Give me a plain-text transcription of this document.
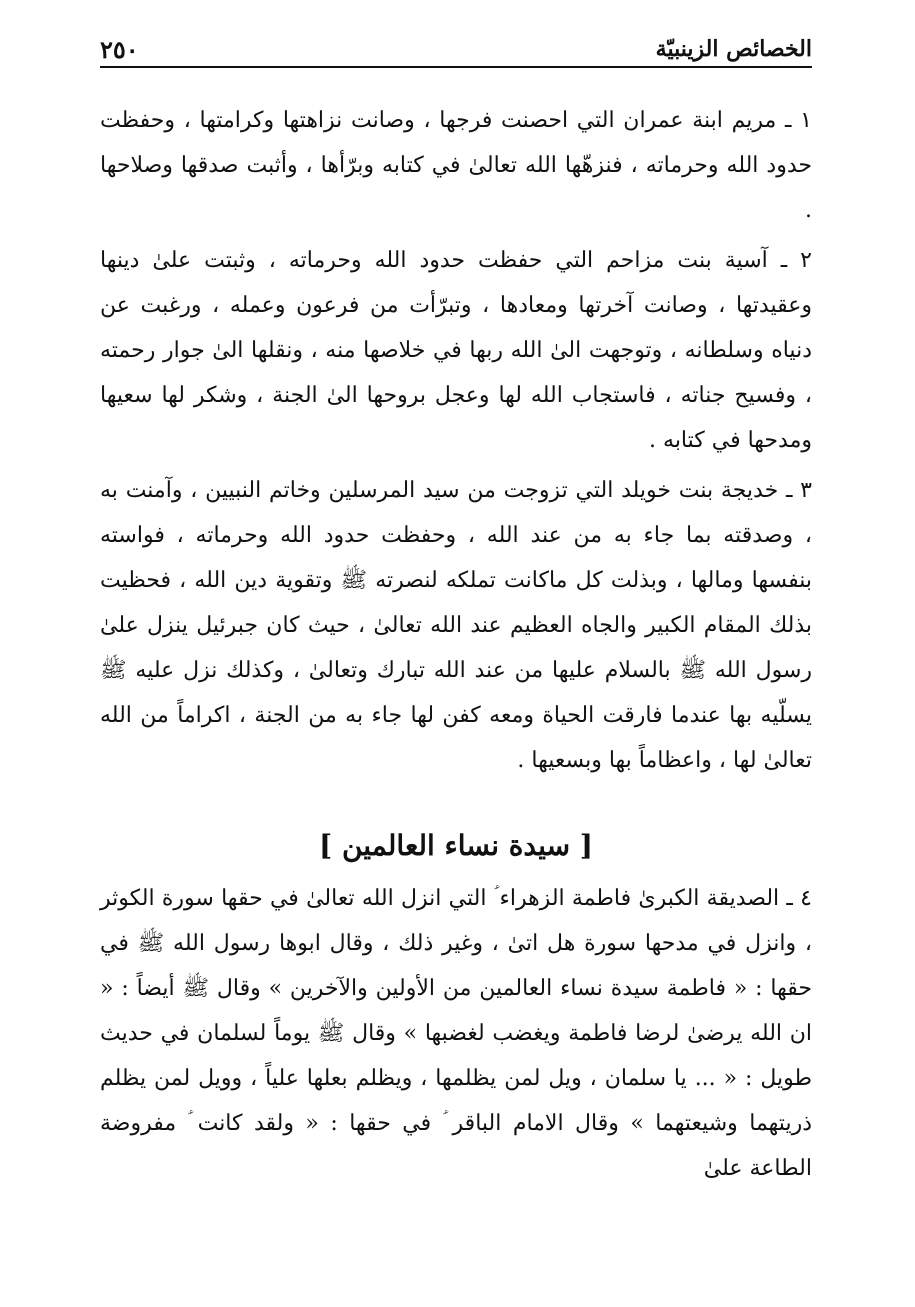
٢٥٠	الخصائص الزينبيّة

١ ـ مريم ابنة عمران التي احصنت فرجها ، وصانت نزاهتها وكرامتها ، وحفظت حدود الله وحرماته ، فنزهّها الله تعالىٰ في كتابه وبرّأها ، وأثبت صدقها وصلاحها .

٢ ـ آسية بنت مزاحم التي حفظت حدود الله وحرماته ، وثبتت علىٰ دينها وعقيدتها ، وصانت آخرتها ومعادها ، وتبرّأت من فرعون وعمله ، ورغبت عن دنياه وسلطانه ، وتوجهت الىٰ الله ربها في خلاصها منه ، ونقلها الىٰ جوار رحمته ، وفسيح جناته ، فاستجاب الله لها وعجل بروحها الىٰ الجنة ، وشكر لها سعيها ومدحها في كتابه .

٣ ـ خديجة بنت خويلد التي تزوجت من سيد المرسلين وخاتم النبيين ، وآمنت به ، وصدقته بما جاء به من عند الله ، وحفظت حدود الله وحرماته ، فواسته بنفسها ومالها ، وبذلت كل ماكانت تملكه لنصرته ﷺ وتقوية دين الله ، فحظيت بذلك المقام الكبير والجاه العظيم عند الله تعالىٰ ، حيث كان جبرئيل ينزل علىٰ رسول الله ﷺ بالسلام عليها من عند الله تبارك وتعالىٰ ، وكذلك نزل عليه ﷺ يسلّيه بها عندما فارقت الحياة ومعه كفن لها جاء به من الجنة ، اكراماً من الله تعالىٰ لها ، واعظاماً بها وبسعيها .

[ سيدة نساء العالمين ]

٤ ـ الصديقة الكبرىٰ فاطمة الزهراء ؑ التي انزل الله تعالىٰ في حقها سورة الكوثر ، وانزل في مدحها سورة هل اتىٰ ، وغير ذلك ، وقال ابوها رسول الله ﷺ في حقها : « فاطمة سيدة نساء العالمين من الأولين والآخرين » وقال ﷺ أيضاً : « ان الله يرضىٰ لرضا فاطمة ويغضب لغضبها » وقال ﷺ يوماً لسلمان في حديث طويل : « ... يا سلمان ، ويل لمن يظلمها ، ويظلم بعلها علياً ، وويل لمن يظلم ذريتهما وشيعتهما » وقال الامام الباقر ؑ في حقها : « ولقد كانت ؑ مفروضة الطاعة علىٰ
